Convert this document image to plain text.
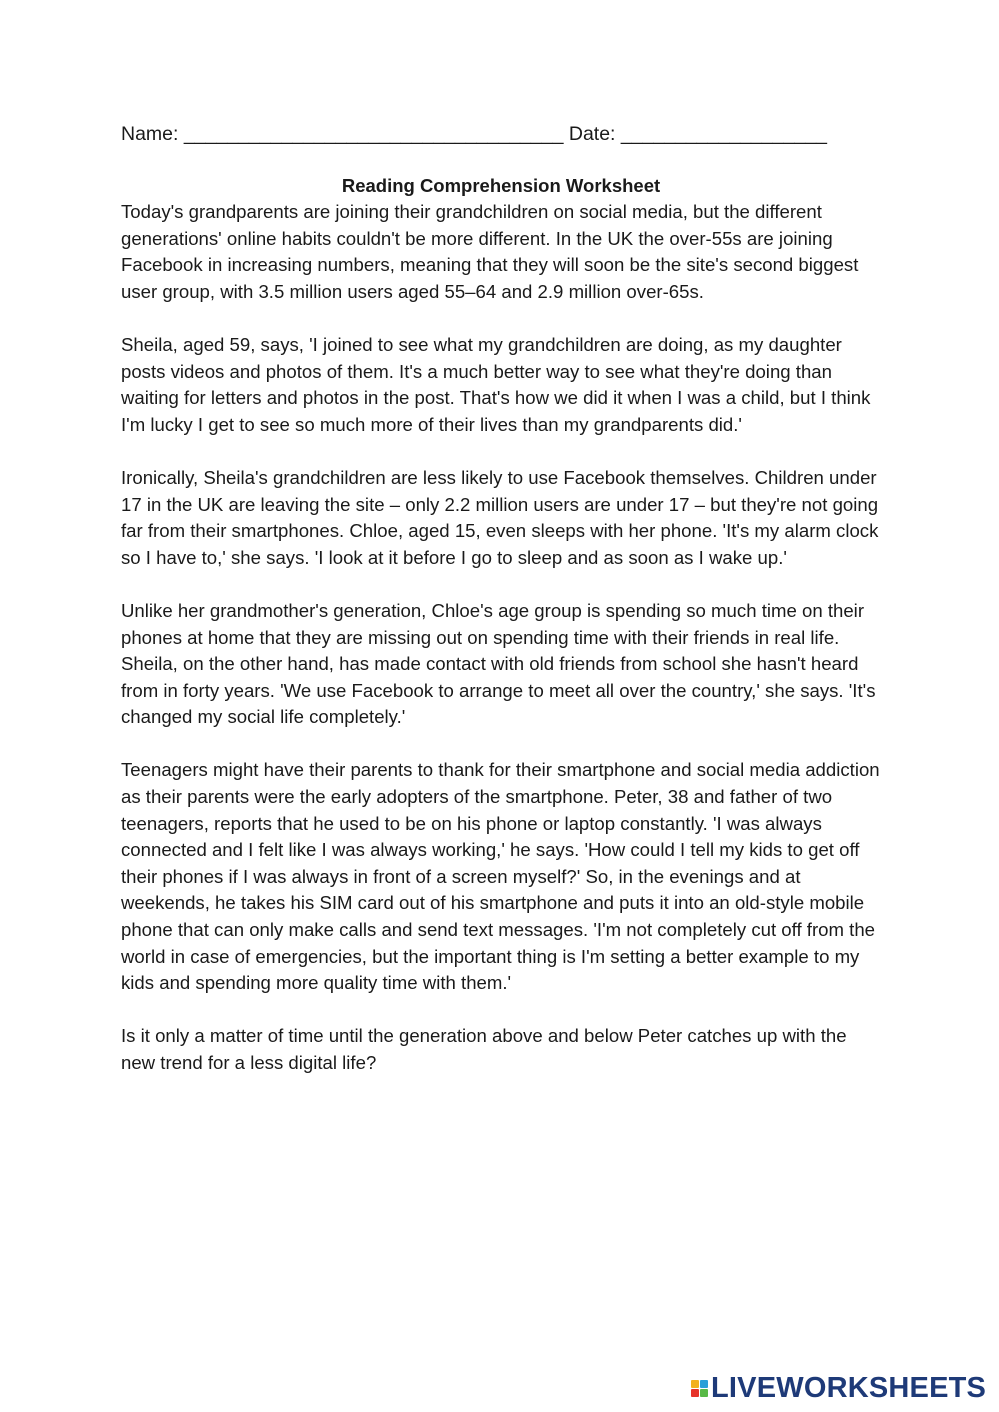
Name: ___________________________________ Date: ___________________
Reading Comprehension Worksheet

Today's grandparents are joining their grandchildren on social media, but the different generations' online habits couldn't be more different. In the UK the over-55s are joining Facebook in increasing numbers, meaning that they will soon be the site's second biggest user group, with 3.5 million users aged 55–64 and 2.9 million over-65s.

Sheila, aged 59, says, 'I joined to see what my grandchildren are doing, as my daughter posts videos and photos of them. It's a much better way to see what they're doing than waiting for letters and photos in the post. That's how we did it when I was a child, but I think I'm lucky I get to see so much more of their lives than my grandparents did.'

Ironically, Sheila's grandchildren are less likely to use Facebook themselves. Children under 17 in the UK are leaving the site – only 2.2 million users are under 17 – but they're not going far from their smartphones. Chloe, aged 15, even sleeps with her phone. 'It's my alarm clock so I have to,' she says. 'I look at it before I go to sleep and as soon as I wake up.'

Unlike her grandmother's generation, Chloe's age group is spending so much time on their phones at home that they are missing out on spending time with their friends in real life. Sheila, on the other hand, has made contact with old friends from school she hasn't heard from in forty years. 'We use Facebook to arrange to meet all over the country,' she says. 'It's changed my social life completely.'

Teenagers might have their parents to thank for their smartphone and social media addiction as their parents were the early adopters of the smartphone. Peter, 38 and father of two teenagers, reports that he used to be on his phone or laptop constantly. 'I was always connected and I felt like I was always working,' he says. 'How could I tell my kids to get off their phones if I was always in front of a screen myself?' So, in the evenings and at weekends, he takes his SIM card out of his smartphone and puts it into an old-style mobile phone that can only make calls and send text messages. 'I'm not completely cut off from the world in case of emergencies, but the important thing is I'm setting a better example to my kids and spending more quality time with them.'

Is it only a matter of time until the generation above and below Peter catches up with the new trend for a less digital life?

LIVEWORKSHEETS
